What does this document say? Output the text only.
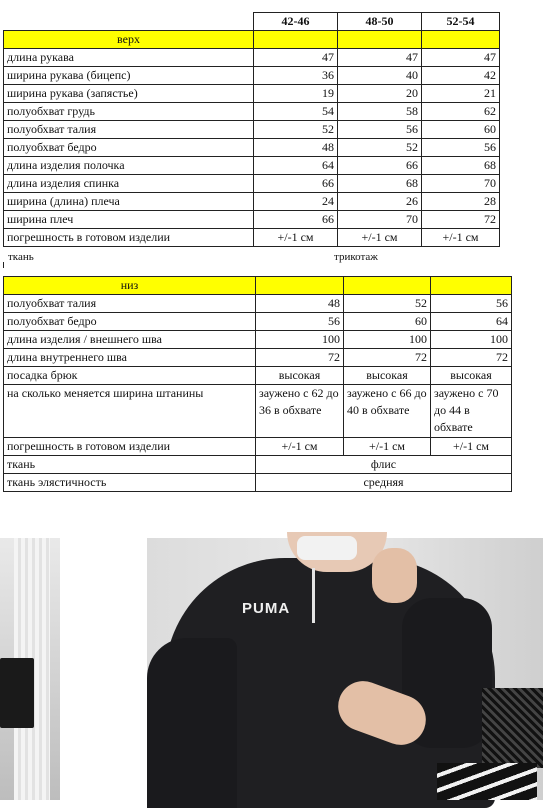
	42-46	48-50	52-54
верх			
длина рукава	47	47	47
ширина рукава (бицепс)	36	40	42
ширина рукава (запястье)	19	20	21
полуобхват грудь	54	58	62
полуобхват талия	52	56	60
полуобхват бедро	48	52	56
длина изделия полочка	64	66	68
длина изделия спинка	66	68	70
ширина (длина) плеча	24	26	28
ширина плеч	66	70	72
погрешность в готовом изделии	+/-1 см	+/-1 см	+/-1 см
ткань	трикотаж
низ			
полуобхват талия	48	52	56
полуобхват бедро	56	60	64
длина изделия / внешнего шва	100	100	100
длина внутреннего шва	72	72	72
посадка брюк	высокая	высокая	высокая
на сколько меняется ширина штанины	зауженo с 62 до 36 в обхвате	заужено с 66 до 40 в обхвате	заужено с 70 до 44 в обхвате
погрешность в готовом изделии	+/-1 см	+/-1 см	+/-1 см
ткань	флис		
ткань элястичность	средняя		
PUMA
